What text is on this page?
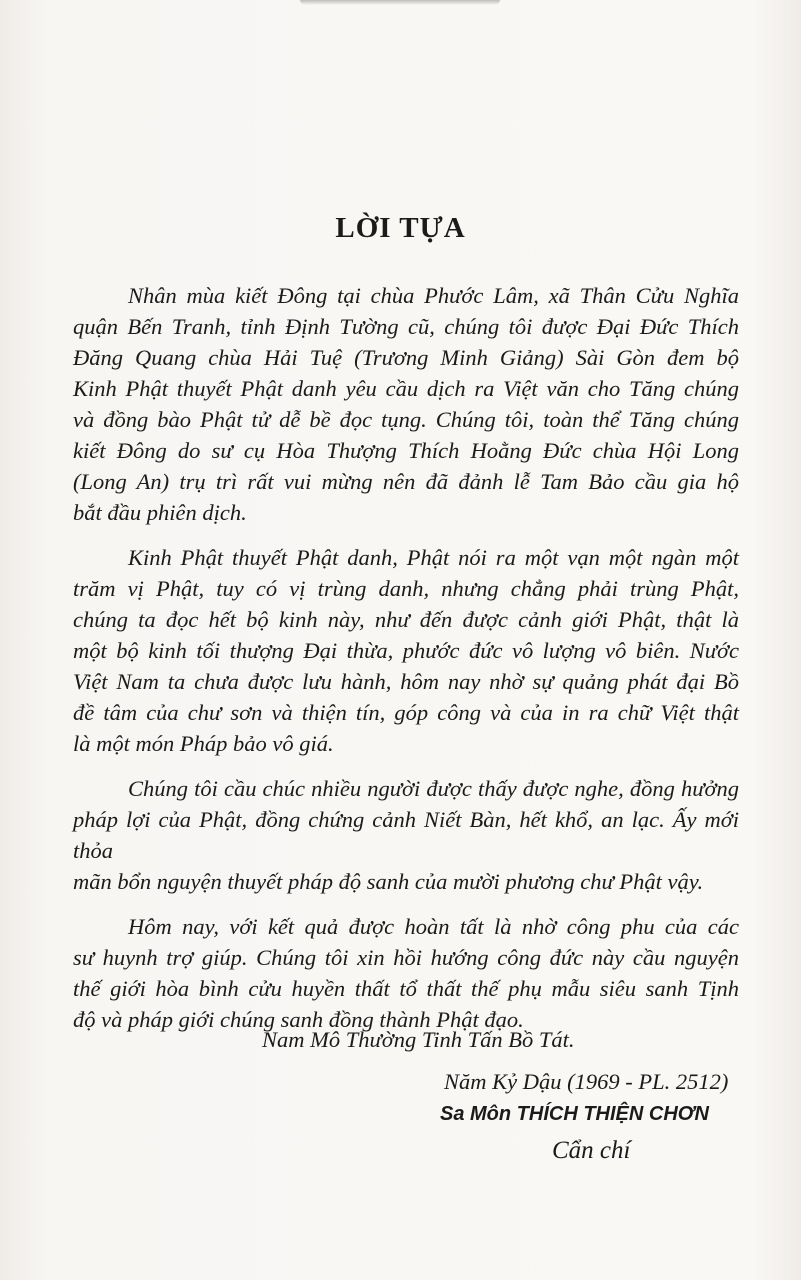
LỜI TỰA
Nhân mùa kiết Đông tại chùa Phước Lâm, xã Thân Cửu Nghĩa
quận Bến Tranh, tỉnh Định Tường cũ, chúng tôi được Đại Đức Thích
Đăng Quang chùa Hải Tuệ (Trương Minh Giảng) Sài Gòn đem bộ
Kinh Phật thuyết Phật danh yêu cầu dịch ra Việt văn cho Tăng chúng
và đồng bào Phật tử dễ bề đọc tụng. Chúng tôi, toàn thể Tăng chúng
kiết Đông do sư cụ Hòa Thượng Thích Hoằng Đức chùa Hội Long
(Long An) trụ trì rất vui mừng nên đã đảnh lễ Tam Bảo cầu gia hộ
bắt đầu phiên dịch.
Kinh Phật thuyết Phật danh, Phật nói ra một vạn một ngàn một
trăm vị Phật, tuy có vị trùng danh, nhưng chẳng phải trùng Phật,
chúng ta đọc hết bộ kinh này, như đến được cảnh giới Phật, thật là
một bộ kinh tối thượng Đại thừa, phước đức vô lượng vô biên. Nước
Việt Nam ta chưa được lưu hành, hôm nay nhờ sự quảng phát đại Bồ
đề tâm của chư sơn và thiện tín, góp công và của in ra chữ Việt thật
là một món Pháp bảo vô giá.
Chúng tôi cầu chúc nhiều người được thấy được nghe, đồng hưởng
pháp lợi của Phật, đồng chứng cảnh Niết Bàn, hết khổ, an lạc. Ấy mới thỏa
mãn bổn nguyện thuyết pháp độ sanh của mười phương chư Phật vậy.
Hôm nay, với kết quả được hoàn tất là nhờ công phu của các
sư huynh trợ giúp. Chúng tôi xin hồi hướng công đức này cầu nguyện
thế giới hòa bình cửu huyền thất tổ thất thế phụ mẫu siêu sanh Tịnh
độ và pháp giới chúng sanh đồng thành Phật đạo.
Nam Mô Thường Tinh Tấn Bồ Tát.
Năm Kỷ Dậu (1969 - PL. 2512)
Sa Môn THÍCH THIỆN CHƠN
Cẩn chí
